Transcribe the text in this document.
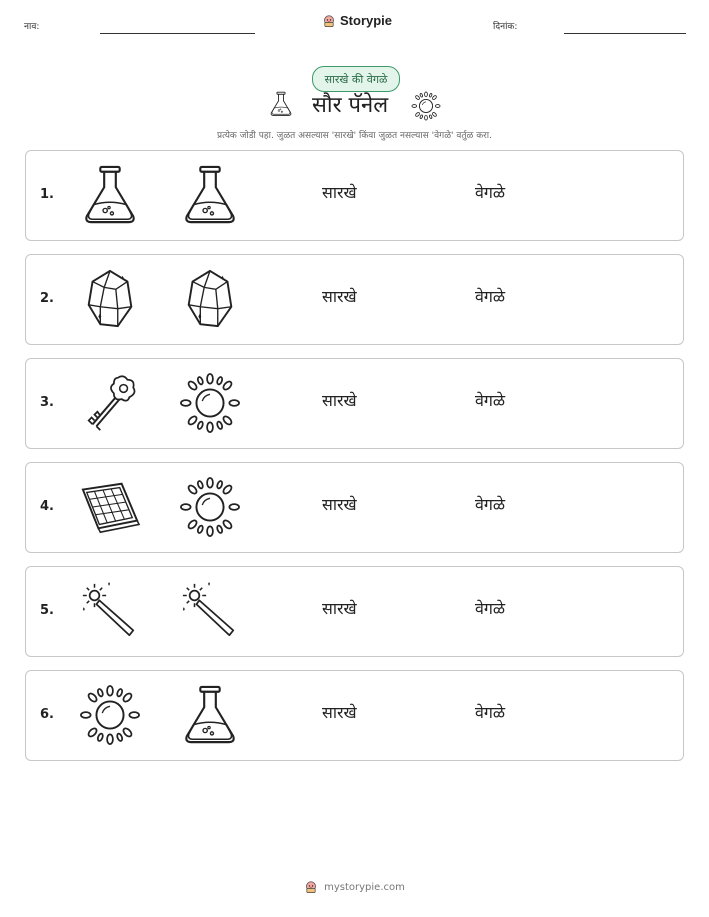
नाव:	Storypie	दिनांक:
सारखे की वेगळे
सौर पॅनेल
प्रत्येक जोडी पहा. जुळत असल्यास 'सारखे' किंवा जुळत नसल्यास 'वेगळे' वर्तुळ करा.
1.	सारखे	वेगळे
2.	सारखे	वेगळे
3.	सारखे	वेगळे
4.	सारखे	वेगळे
5.	सारखे	वेगळे
6.	सारखे	वेगळे
mystorypie.com
